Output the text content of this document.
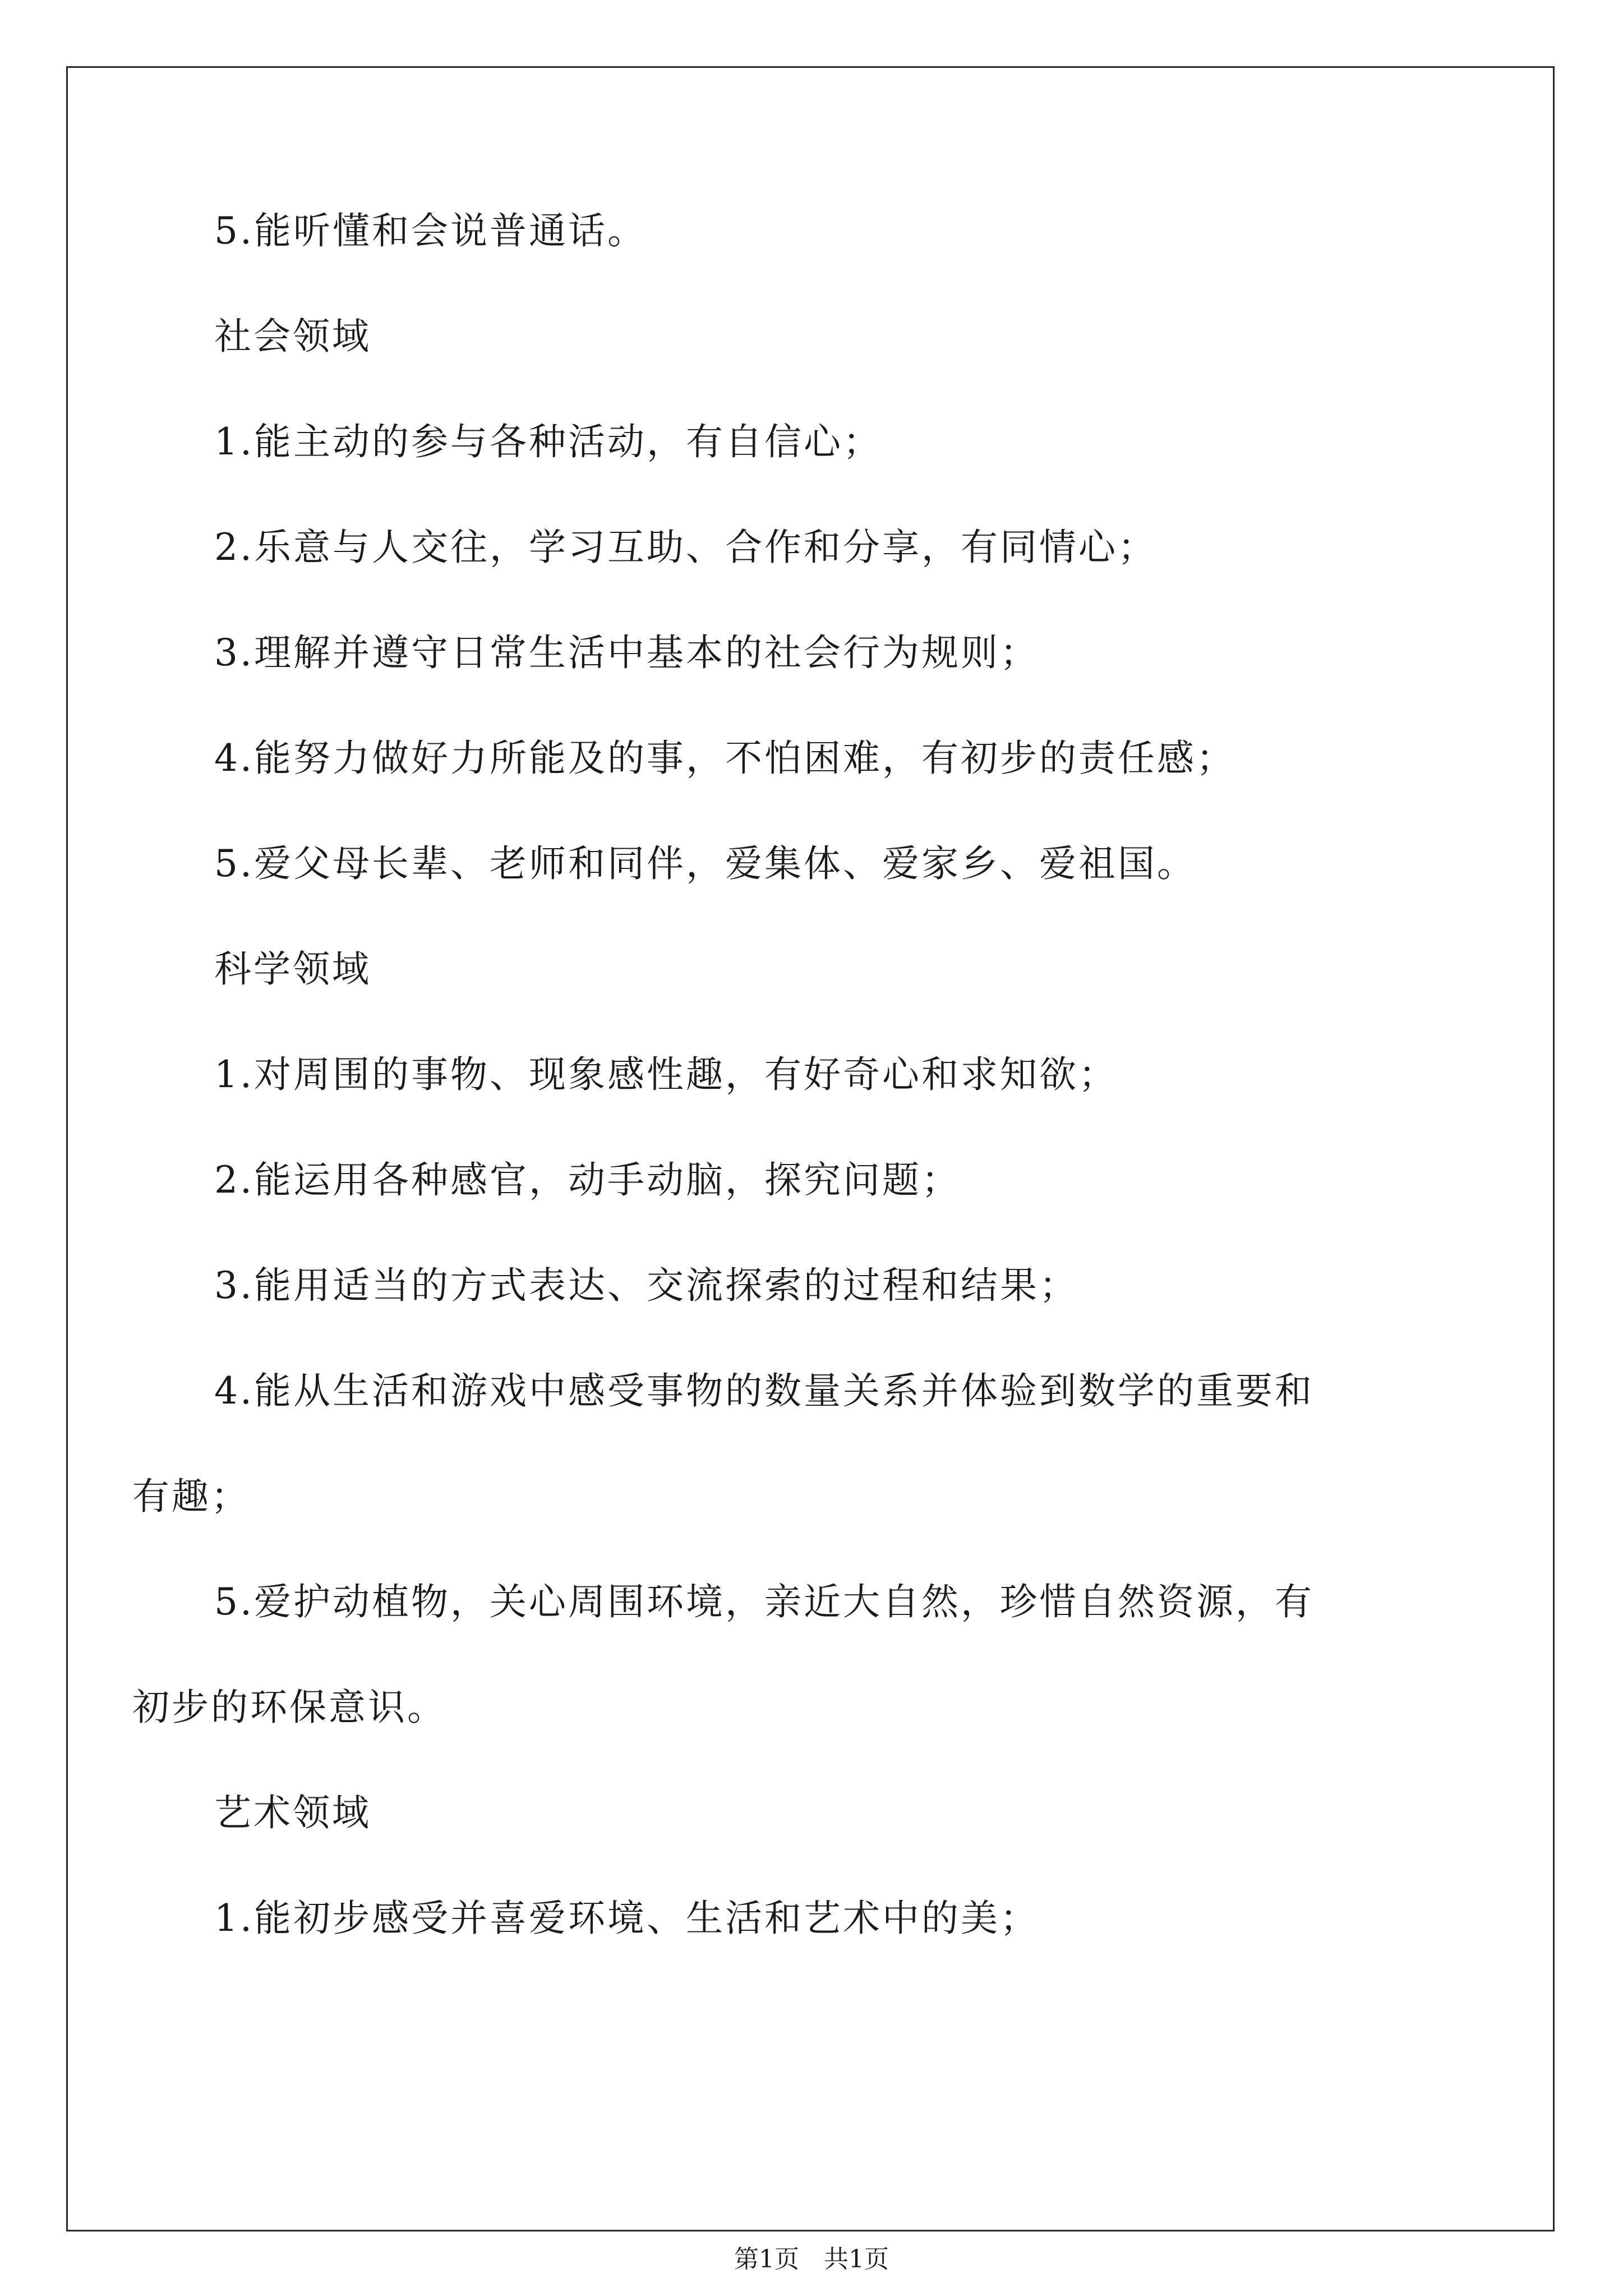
5.能听懂和会说普通话。
社会领域
1.能主动的参与各种活动，有自信心；
2.乐意与人交往，学习互助、合作和分享，有同情心；
3.理解并遵守日常生活中基本的社会行为规则；
4.能努力做好力所能及的事，不怕困难，有初步的责任感；
5.爱父母长辈、老师和同伴，爱集体、爱家乡、爱祖国。
科学领域
1.对周围的事物、现象感性趣，有好奇心和求知欲；
2.能运用各种感官，动手动脑，探究问题；
3.能用适当的方式表达、交流探索的过程和结果；
4.能从生活和游戏中感受事物的数量关系并体验到数学的重要和
有趣；
5.爱护动植物，关心周围环境，亲近大自然，珍惜自然资源，有
初步的环保意识。
艺术领域
1.能初步感受并喜爱环境、生活和艺术中的美；
第1页　共1页
